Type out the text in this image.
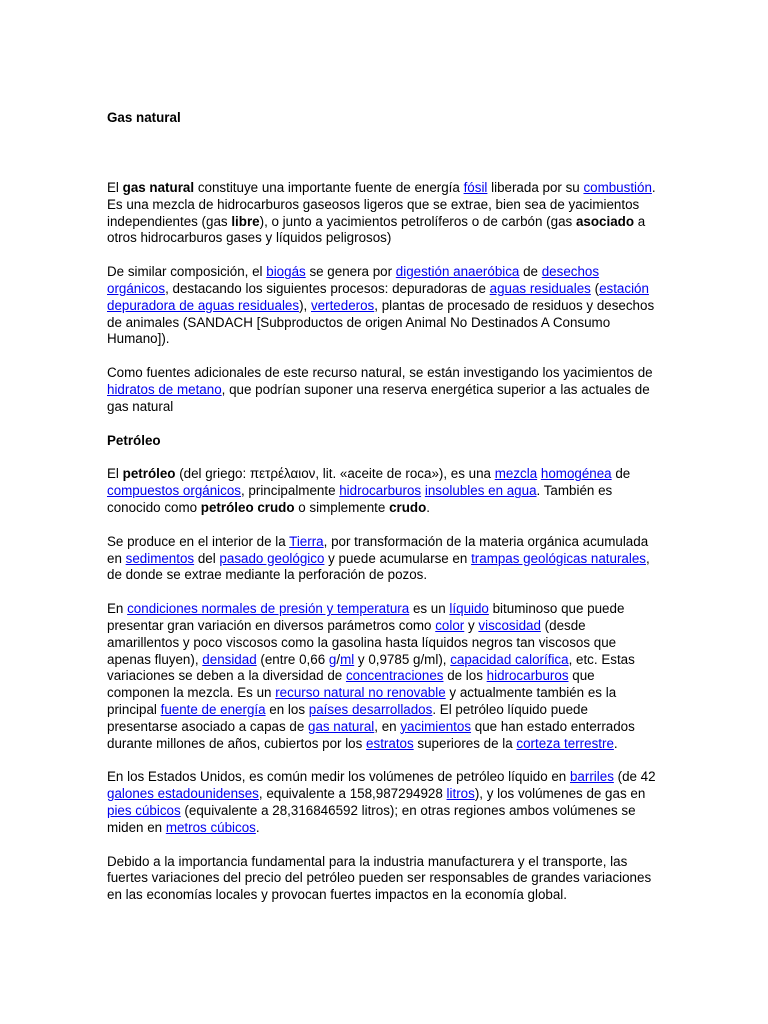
Gas natural

El gas natural constituye una importante fuente de energía fósil liberada por su combustión. Es una mezcla de hidrocarburos gaseosos ligeros que se extrae, bien sea de yacimientos independientes (gas libre), o junto a yacimientos petrolíferos o de carbón (gas asociado a otros hidrocarburos gases y líquidos peligrosos)

De similar composición, el biogás se genera por digestión anaeróbica de desechos orgánicos, destacando los siguientes procesos: depuradoras de aguas residuales (estación depuradora de aguas residuales), vertederos, plantas de procesado de residuos y desechos de animales (SANDACH [Subproductos de origen Animal No Destinados A Consumo Humano]).

Como fuentes adicionales de este recurso natural, se están investigando los yacimientos de hidratos de metano, que podrían suponer una reserva energética superior a las actuales de gas natural

Petróleo

El petróleo (del griego: πετρέλαιον, lit. «aceite de roca»), es una mezcla homogénea de compuestos orgánicos, principalmente hidrocarburos insolubles en agua. También es conocido como petróleo crudo o simplemente crudo.

Se produce en el interior de la Tierra, por transformación de la materia orgánica acumulada en sedimentos del pasado geológico y puede acumularse en trampas geológicas naturales, de donde se extrae mediante la perforación de pozos.

En condiciones normales de presión y temperatura es un líquido bituminoso que puede presentar gran variación en diversos parámetros como color y viscosidad (desde amarillentos y poco viscosos como la gasolina hasta líquidos negros tan viscosos que apenas fluyen), densidad (entre 0,66 g/ml y 0,9785 g/ml), capacidad calorífica, etc. Estas variaciones se deben a la diversidad de concentraciones de los hidrocarburos que componen la mezcla. Es un recurso natural no renovable y actualmente también es la principal fuente de energía en los países desarrollados. El petróleo líquido puede presentarse asociado a capas de gas natural, en yacimientos que han estado enterrados durante millones de años, cubiertos por los estratos superiores de la corteza terrestre.

En los Estados Unidos, es común medir los volúmenes de petróleo líquido en barriles (de 42 galones estadounidenses, equivalente a 158,987294928 litros), y los volúmenes de gas en pies cúbicos (equivalente a 28,316846592 litros); en otras regiones ambos volúmenes se miden en metros cúbicos.

Debido a la importancia fundamental para la industria manufacturera y el transporte, las fuertes variaciones del precio del petróleo pueden ser responsables de grandes variaciones en las economías locales y provocan fuertes impactos en la economía global.
